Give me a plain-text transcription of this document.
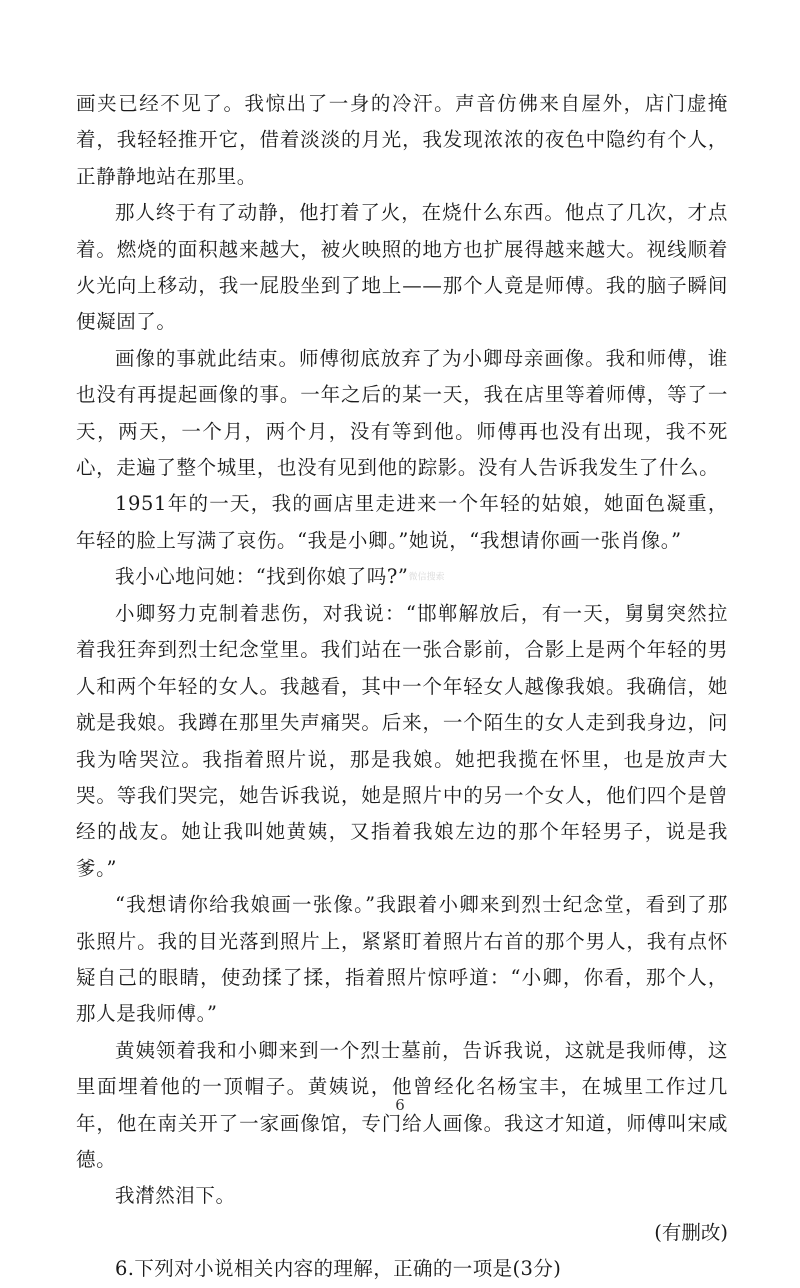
画夹已经不见了。我惊出了一身的冷汗。声音仿佛来自屋外，店门虚掩着，我轻轻推开它，借着淡淡的月光，我发现浓浓的夜色中隐约有个人，正静静地站在那里。

那人终于有了动静，他打着了火，在烧什么东西。他点了几次，才点着。燃烧的面积越来越大，被火映照的地方也扩展得越来越大。视线顺着火光向上移动，我一屁股坐到了地上——那个人竟是师傅。我的脑子瞬间便凝固了。

画像的事就此结束。师傅彻底放弃了为小卿母亲画像。我和师傅，谁也没有再提起画像的事。一年之后的某一天，我在店里等着师傅，等了一天，两天，一个月，两个月，没有等到他。师傅再也没有出现，我不死心，走遍了整个城里，也没有见到他的踪影。没有人告诉我发生了什么。

1951年的一天，我的画店里走进来一个年轻的姑娘，她面色凝重，年轻的脸上写满了哀伤。“我是小卿。”她说，“我想请你画一张肖像。”

我小心地问她：“找到你娘了吗?”微信搜索

小卿努力克制着悲伤，对我说：“邯郸解放后，有一天，舅舅突然拉着我狂奔到烈士纪念堂里。我们站在一张合影前，合影上是两个年轻的男人和两个年轻的女人。我越看，其中一个年轻女人越像我娘。我确信，她就是我娘。我蹲在那里失声痛哭。后来，一个陌生的女人走到我身边，问我为啥哭泣。我指着照片说，那是我娘。她把我揽在怀里，也是放声大哭。等我们哭完，她告诉我说，她是照片中的另一个女人，他们四个是曾经的战友。她让我叫她黄姨，又指着我娘左边的那个年轻男子，说是我爹。”

“我想请你给我娘画一张像。”我跟着小卿来到烈士纪念堂，看到了那张照片。我的目光落到照片上，紧紧盯着照片右首的那个男人，我有点怀疑自己的眼睛，使劲揉了揉，指着照片惊呼道：“小卿，你看，那个人，那人是我师傅。”

黄姨领着我和小卿来到一个烈士墓前，告诉我说，这就是我师傅，这里面埋着他的一顶帽子。黄姨说，他曾经化名杨宝丰，在城里工作过几年，他在南关开了一家画像馆，专门给人画像。我这才知道，师傅叫宋咸德。

我潸然泪下。

(有删改)

6.下列对小说相关内容的理解，正确的一项是(3分)

6
